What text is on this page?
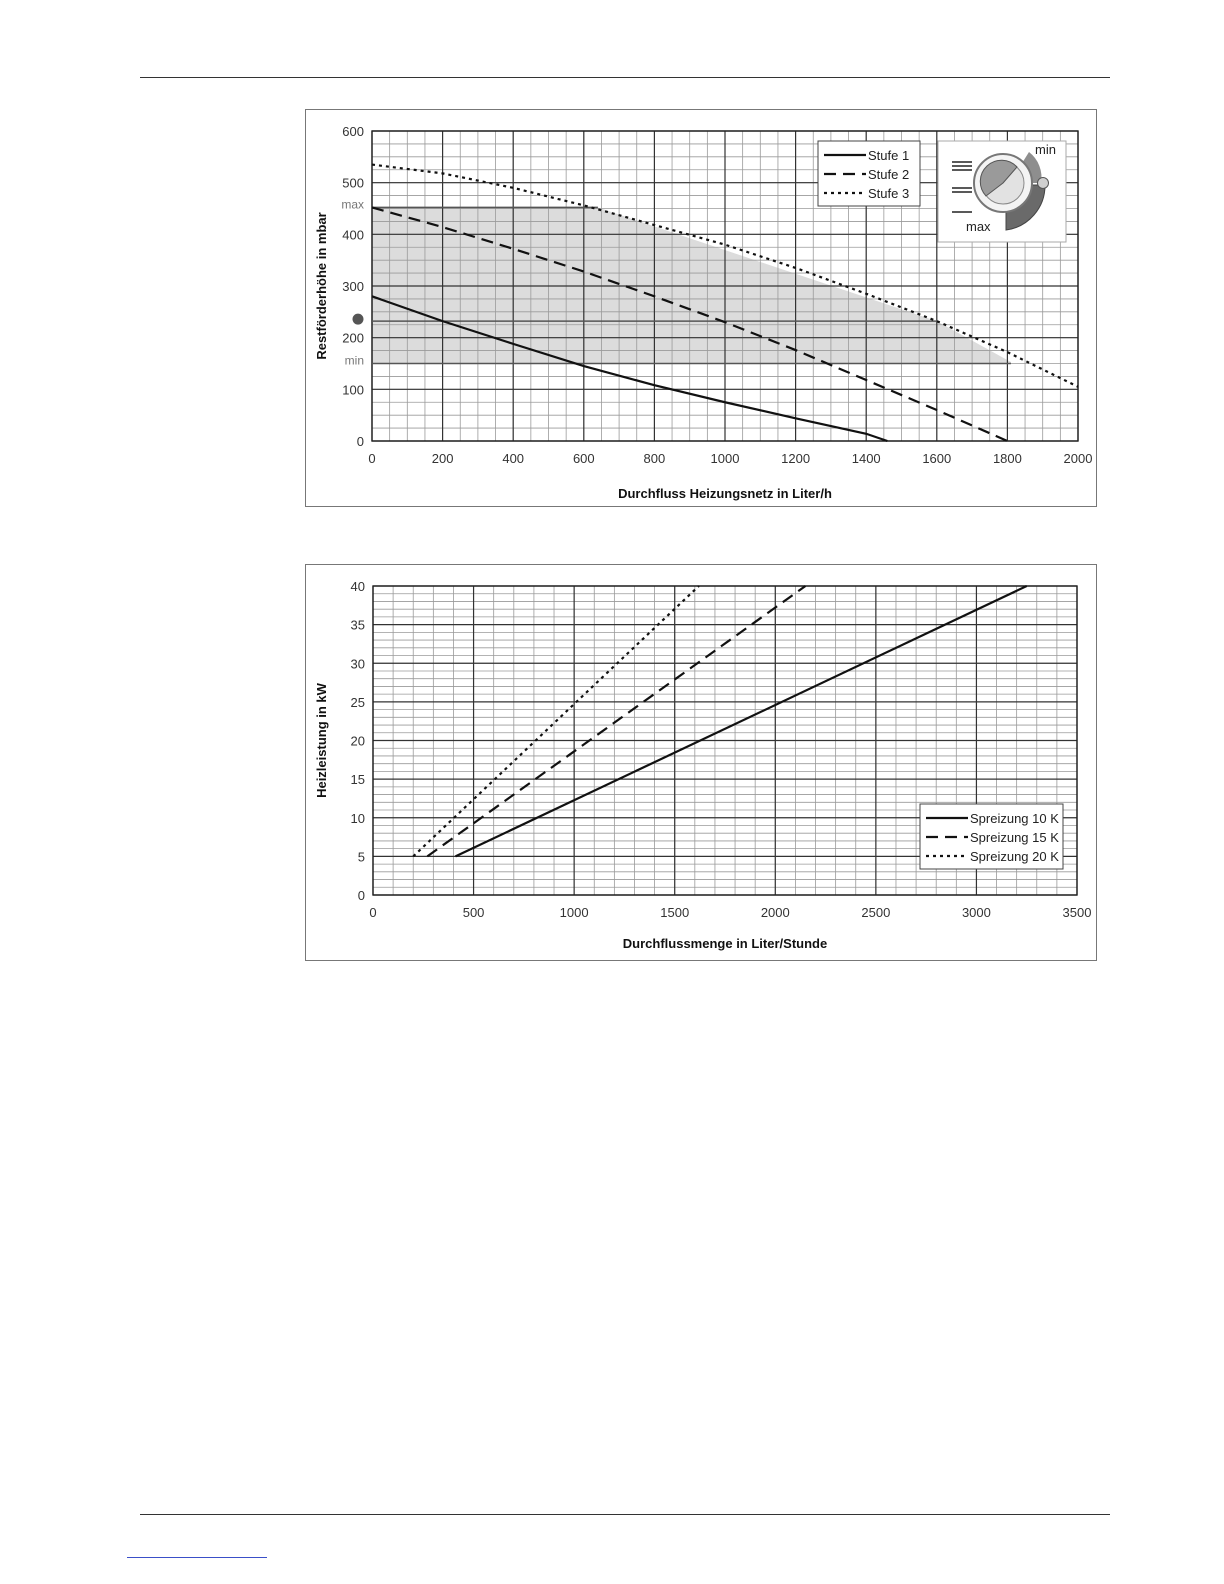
max
min
min
max
0	200	400	600	800	1000	1200	1400	1600	1800	2000
0
100
200
300
400
500
600
Durchfluss Heizungsnetz in Liter/h
Restförderhöhe in mbar
Stufe 1
Stufe 2
Stufe 3
0	500	1000	1500	2000	2500	3000	3500
0
5
10
15
20
25
30
35
40
Durchflussmenge in Liter/Stunde
Heizleistung in kW
Spreizung 10 K
Spreizung 15 K
Spreizung 20 K
